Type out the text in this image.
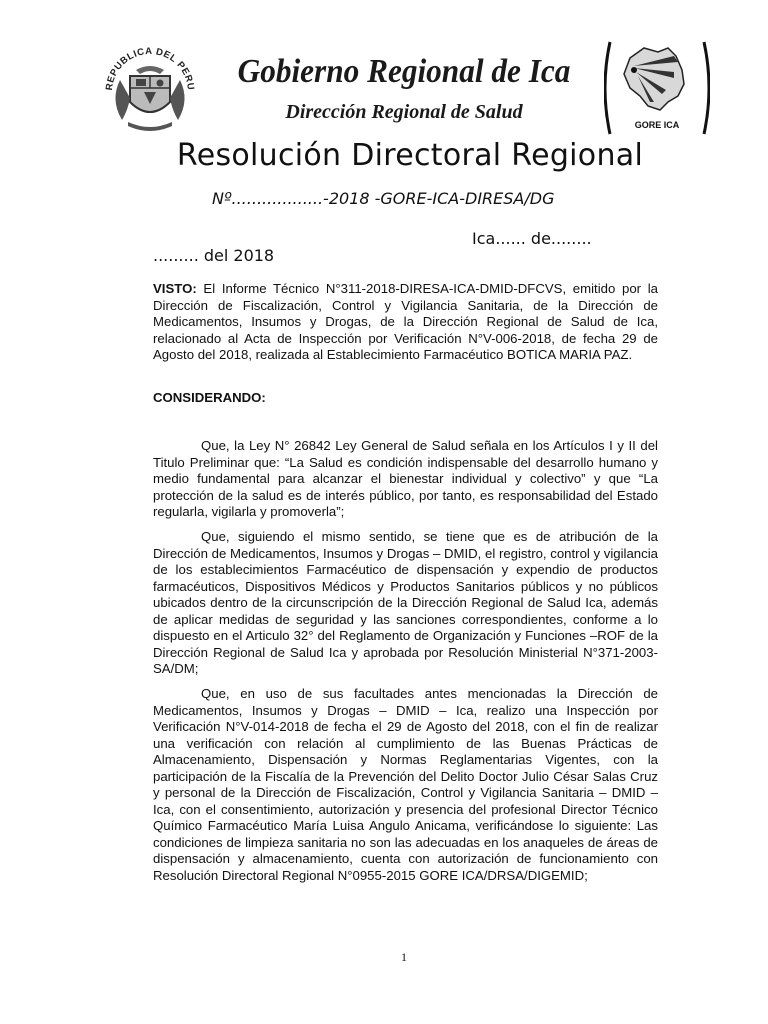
REPUBLICA DEL PERU	Gobierno Regional de Ica
Dirección Regional de Salud
GORE ICA
Resolución Directoral Regional
Nº..................-2018 -GORE-ICA-DIRESA/DG
Ica...... de........
......... del 2018
VISTO: El Informe Técnico N°311-2018-DIRESA-ICA-DMID-DFCVS, emitido por la Dirección de Fiscalización, Control y Vigilancia Sanitaria, de la Dirección de Medicamentos, Insumos y Drogas, de la Dirección Regional de Salud de Ica, relacionado al Acta de Inspección por Verificación N°V-006-2018, de fecha 29 de Agosto del 2018, realizada al Establecimiento Farmacéutico BOTICA MARIA PAZ.
CONSIDERANDO:
Que, la Ley N° 26842 Ley General de Salud señala en los Artículos I y II del Titulo Preliminar que: “La Salud es condición indispensable del desarrollo humano y medio fundamental para alcanzar el bienestar individual y colectivo” y que “La protección de la salud es de interés público, por tanto, es responsabilidad del Estado regularla, vigilarla y promoverla”;
Que, siguiendo el mismo sentido, se tiene que es de atribución de la Dirección de Medicamentos, Insumos y Drogas – DMID, el registro, control y vigilancia de los establecimientos Farmacéutico de dispensación y expendio de productos farmacéuticos, Dispositivos Médicos y Productos Sanitarios públicos y no públicos ubicados dentro de la circunscripción de la Dirección Regional de Salud Ica, además de aplicar medidas de seguridad y las sanciones correspondientes, conforme a lo dispuesto en el Articulo 32° del Reglamento de Organización y Funciones –ROF de la Dirección Regional de Salud Ica y aprobada por Resolución Ministerial N°371-2003-SA/DM;
Que, en uso de sus facultades antes mencionadas la Dirección de Medicamentos, Insumos y Drogas – DMID – Ica, realizo una Inspección por Verificación N°V-014-2018 de fecha el 29 de Agosto del 2018, con el fin de realizar una verificación con relación al cumplimiento de las Buenas Prácticas de Almacenamiento, Dispensación y Normas Reglamentarias Vigentes, con la participación de la Fiscalía de la Prevención del Delito Doctor Julio César Salas Cruz y personal de la Dirección de Fiscalización, Control y Vigilancia Sanitaria – DMID – Ica, con el consentimiento, autorización y presencia del profesional Director Técnico Químico Farmacéutico María Luisa Angulo Anicama, verificándose lo siguiente: Las condiciones de limpieza sanitaria no son las adecuadas en los anaqueles de áreas de dispensación y almacenamiento, cuenta con autorización de funcionamiento con Resolución Directoral Regional N°0955-2015 GORE ICA/DRSA/DIGEMID;
1
